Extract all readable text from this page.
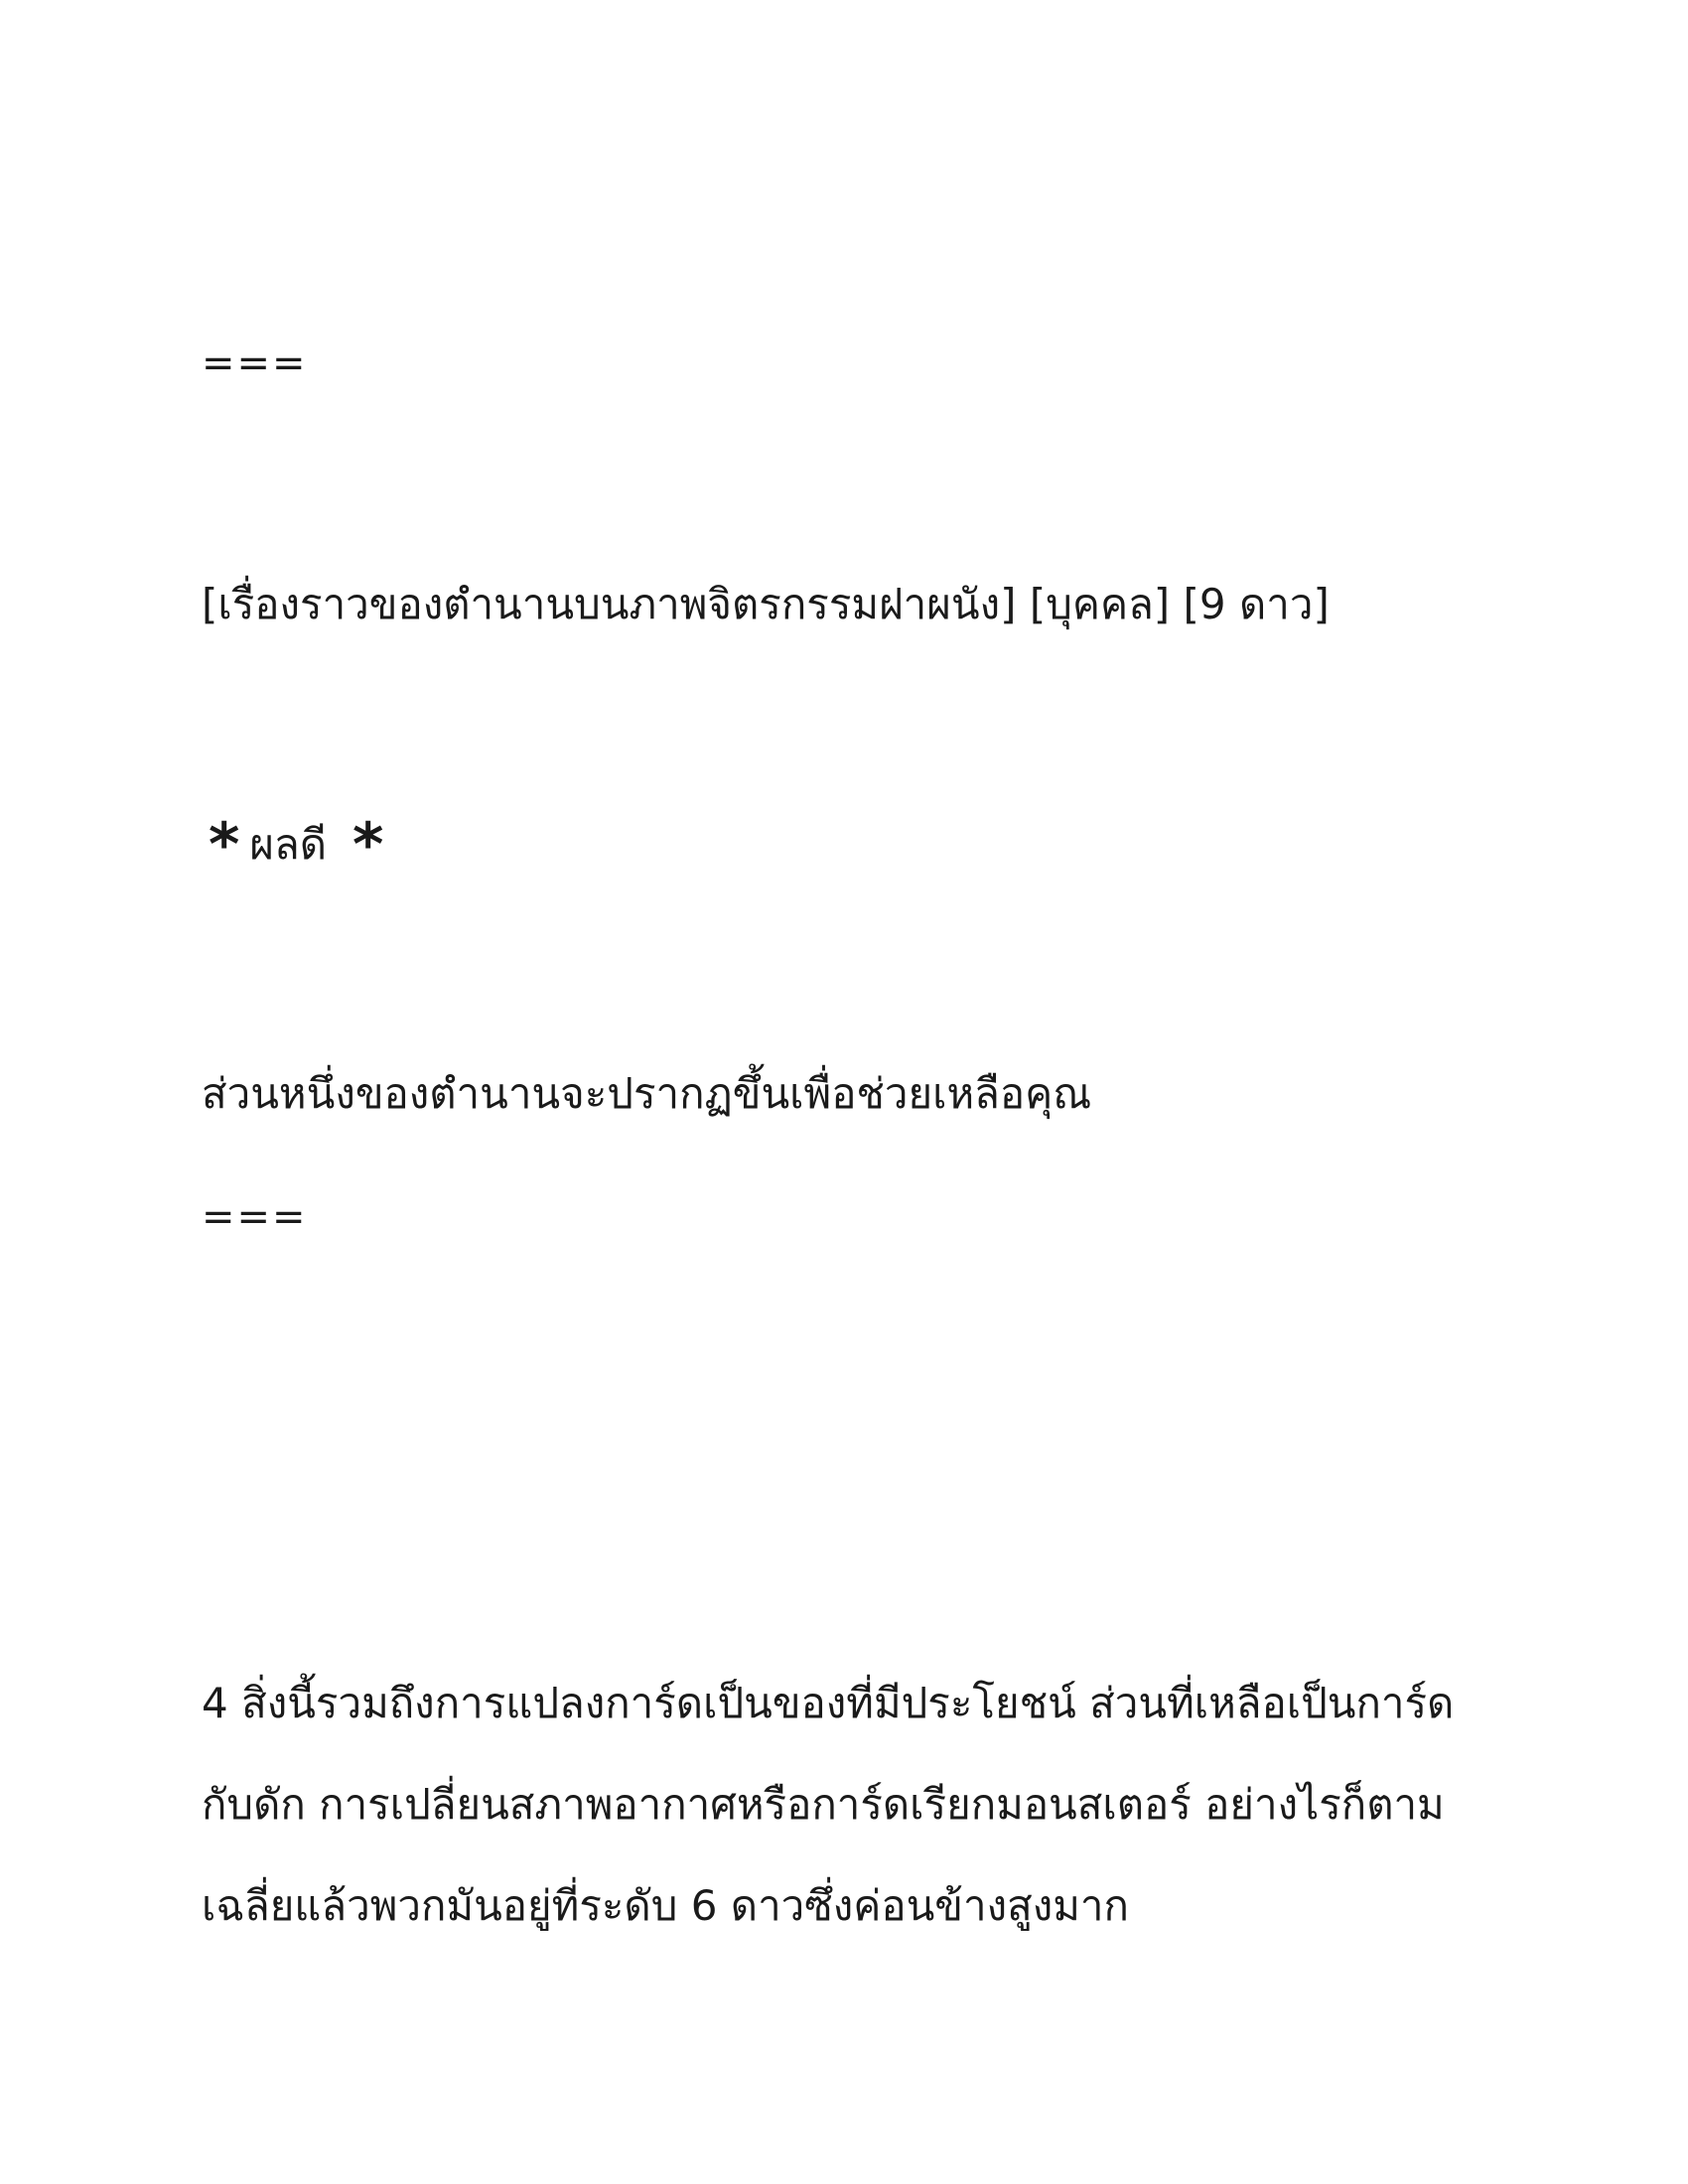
===
[เรื่องราวของตำนานบนภาพจิตรกรรมฝาผนัง] [บุคคล] [9 ดาว]
* ผลดี *
ส่วนหนึ่งของตำนานจะปรากฏขึ้นเพื่อช่วยเหลือคุณ
===
4 สิ่งนี้รวมถึงการแปลงการ์ดเป็นของที่มีประโยชน์ ส่วนที่เหลือเป็นการ์ด
กับดัก การเปลี่ยนสภาพอากาศหรือการ์ดเรียกมอนสเตอร์ อย่างไรก็ตาม
เฉลี่ยแล้วพวกมันอยู่ที่ระดับ 6 ดาวซึ่งค่อนข้างสูงมาก
